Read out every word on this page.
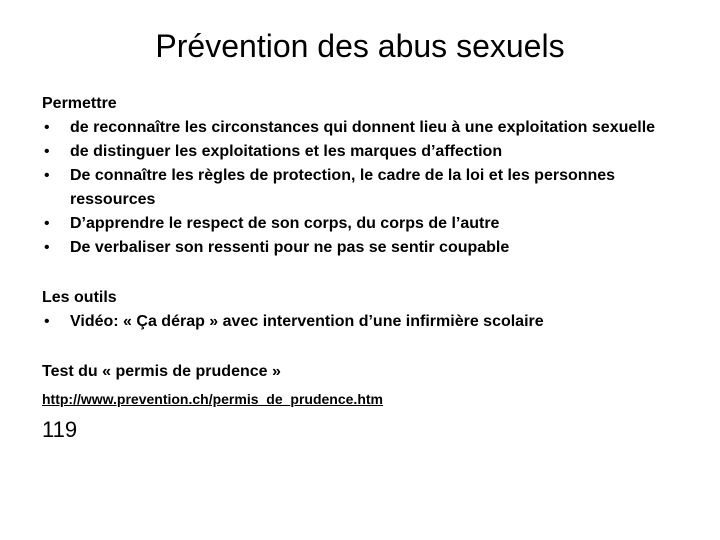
Prévention des abus sexuels

Permettre

• de reconnaître les circonstances qui donnent lieu à une exploitation sexuelle
• de distinguer les exploitations et les marques d’affection
• De connaître les règles de protection, le cadre de la loi et les personnes ressources
• D’apprendre le respect de son corps, du corps de l’autre
• De verbaliser son ressenti pour ne pas se sentir coupable

Les outils

• Vidéo: « Ça dérap » avec intervention d’une infirmière scolaire

Test du « permis de prudence »

http://www.prevention.ch/permis_de_prudence.htm
119
